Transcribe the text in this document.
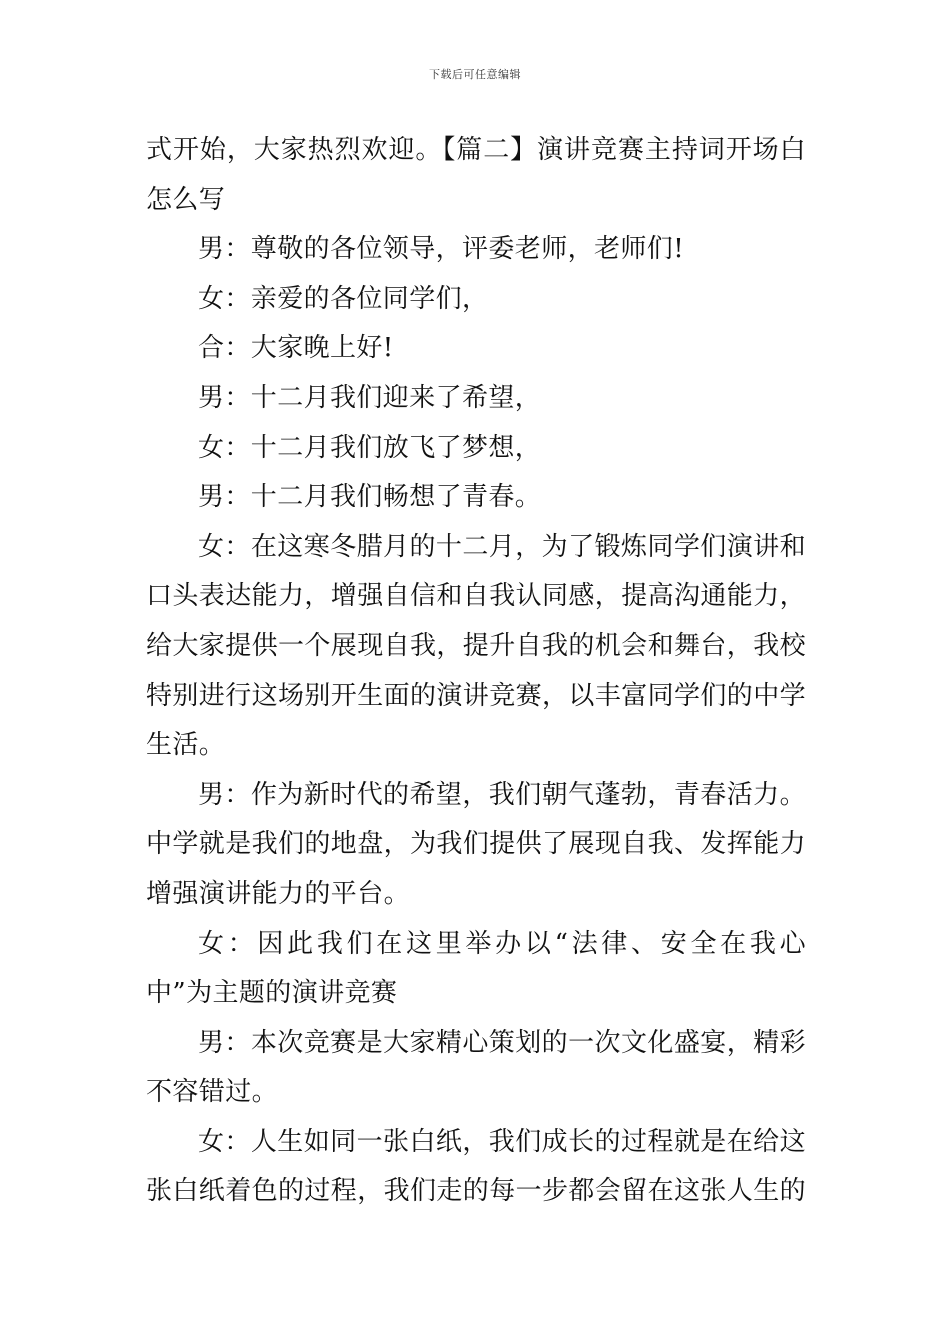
下载后可任意编辑

式开始，大家热烈欢迎。【篇二】演讲竞赛主持词开场白怎么写

男：尊敬的各位领导，评委老师，老师们!

女：亲爱的各位同学们，

合：大家晚上好!

男：十二月我们迎来了希望，

女：十二月我们放飞了梦想，

男：十二月我们畅想了青春。

女：在这寒冬腊月的十二月，为了锻炼同学们演讲和口头表达能力，增强自信和自我认同感，提高沟通能力，给大家提供一个展现自我，提升自我的机会和舞台，我校特别进行这场别开生面的演讲竞赛，以丰富同学们的中学生活。

男：作为新时代的希望，我们朝气蓬勃，青春活力。中学就是我们的地盘，为我们提供了展现自我、发挥能力增强演讲能力的平台。

女：因此我们在这里举办以“法律、安全在我心中”为主题的演讲竞赛

男：本次竞赛是大家精心策划的一次文化盛宴，精彩不容错过。

女：人生如同一张白纸，我们成长的过程就是在给这张白纸着色的过程，我们走的每一步都会留在这张人生的
